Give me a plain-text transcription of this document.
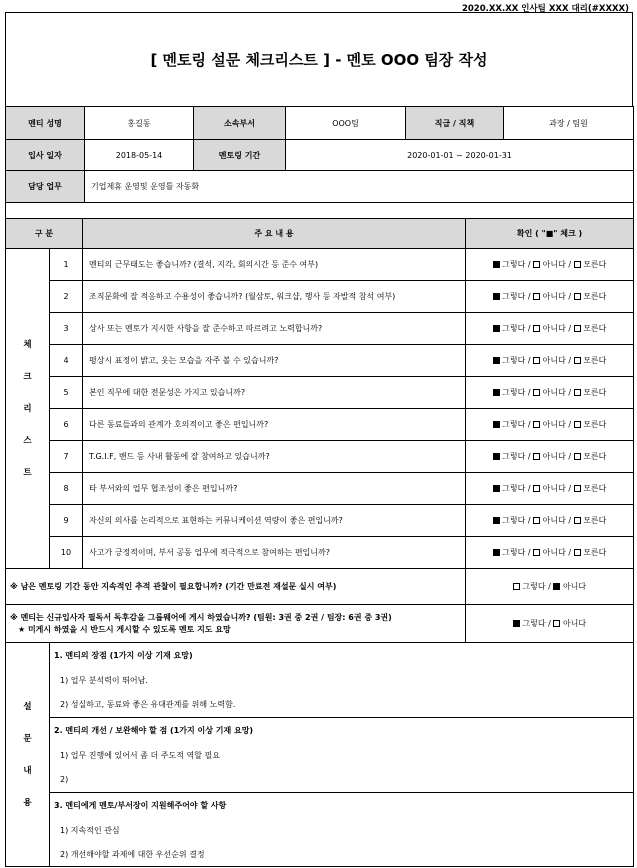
2020.XX.XX 인사팀 XXX 대리(#XXXX)
[ 멘토링 설문 체크리스트 ] - 멘토 OOO 팀장 작성
멘티 성명	홍길동	소속부서	OOO팀	직급 / 직책	과장 / 팀원
입사 일자	2018-05-14	멘토링 기간	2020-01-01 ~ 2020-01-31		
담당 업무	기업제휴 운영및 운영틀 자동화				

구 분		주 요 내 용	확인 ( "■" 체크 )

체
크
리
스
트	1	멘티의 근무태도는 좋습니까? (결석, 지각, 회의시간 등 준수 여부)	그렇다 /  아니다 /  모른다
	2	조직문화에 잘 적응하고 수용성이 좋습니까? (월삼토, 워크샵, 행사 등 자발적 참석 여부)	그렇다 /  아니다 /  모른다
	3	상사 또는 멘토가 지시한 사항을 잘 준수하고 따르려고 노력합니까?	그렇다 /  아니다 /  모른다
	4	평상시 표정이 밝고, 웃는 모습을 자주 볼 수 있습니까?	그렇다 /  아니다 /  모른다
	5	본인 직무에 대한 전문성은 가지고 있습니까?	그렇다 /  아니다 /  모른다
	6	다른 동료들과의 관계가 호의적이고 좋은 편입니까?	그렇다 /  아니다 /  모른다
	7	T.G.I.F, 밴드 등 사내 활동에 잘 참여하고 있습니까?	그렇다 /  아니다 /  모른다
	8	타 부서와의 업무 협조성이 좋은 편입니까?	그렇다 /  아니다 /  모른다
	9	자신의 의사를 논리적으로 표현하는 커뮤니케이션 역량이 좋은 편입니까?	그렇다 /  아니다 /  모른다
	10	사고가 긍정적이며, 부서 공동 업무에 적극적으로 참여하는 편입니까?	그렇다 /  아니다 /  모른다
※ 남은 멘토링 기간 동안 지속적인 추적 관찰이 필요합니까? (기간 만료전 재설문 실시 여부)	그렇다 /  아니다

※ 멘티는 신규입사자 필독서 독후감을 그룹웨어에 게시 하였습니까? (팀원: 3권 중 2권 / 팀장: 6권 중 3권)
★ 미게시 하였을 시 반드시 게시할 수 있도록 멘토 지도 요망	그렇다 /  아니다
설
문
내
용
	1. 멘티의 장점 (1가지 이상 기재 요망)
1) 업무 분석력이 뛰어남.
2) 성실하고, 동료와 좋은 유대관계를 위해 노력함.
2. 멘티의 개선 / 보완해야 할 점 (1가지 이상 기재 요망)
1) 업무 진행에 있어서 좀 더 주도적 역할 필요
2)
3. 멘티에게 멘토/부서장이 지원해주어야 할 사항
1) 지속적인 관심
2) 개선해야할 과제에 대한 우선순위 결정
